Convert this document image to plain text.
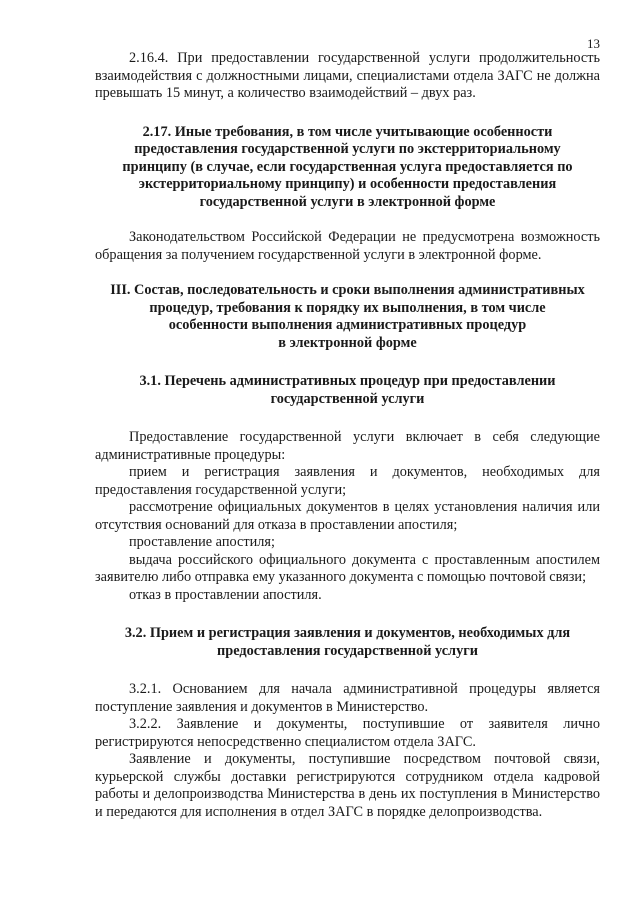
13

2.16.4. При предоставлении государственной услуги продолжительность взаимодействия с должностными лицами, специалистами отдела ЗАГС не должна превышать 15 минут, а количество взаимодействий – двух раз.

2.17. Иные требования, в том числе учитывающие особенности
предоставления государственной услуги по экстерриториальному
принципу (в случае, если государственная услуга предоставляется по
экстерриториальному принципу) и особенности предоставления
государственной услуги в электронной форме

Законодательством Российской Федерации не предусмотрена возможность обращения за получением государственной услуги в электронной форме.

III. Состав, последовательность и сроки выполнения административных
процедур, требования к порядку их выполнения, в том числе
особенности выполнения административных процедур
в электронной форме
3.1. Перечень административных процедур при предоставлении
государственной услуги

Предоставление государственной услуги включает в себя следующие административные процедуры:

прием и регистрация заявления и документов, необходимых для предоставления государственной услуги;

рассмотрение официальных документов в целях установления наличия или отсутствия оснований для отказа в проставлении апостиля;

проставление апостиля;

выдача российского официального документа с проставленным апостилем заявителю либо отправка ему указанного документа с помощью почтовой связи;

отказ в проставлении апостиля.

3.2. Прием и регистрация заявления и документов, необходимых для
предоставления государственной услуги

3.2.1. Основанием для начала административной процедуры является поступление заявления и документов в Министерство.

3.2.2. Заявление и документы, поступившие от заявителя лично регистрируются непосредственно специалистом отдела ЗАГС.

Заявление и документы, поступившие посредством почтовой связи, курьерской службы доставки регистрируются сотрудником отдела кадровой работы и делопроизводства Министерства в день их поступления в Министерство и передаются для исполнения в отдел ЗАГС в порядке делопроизводства.
